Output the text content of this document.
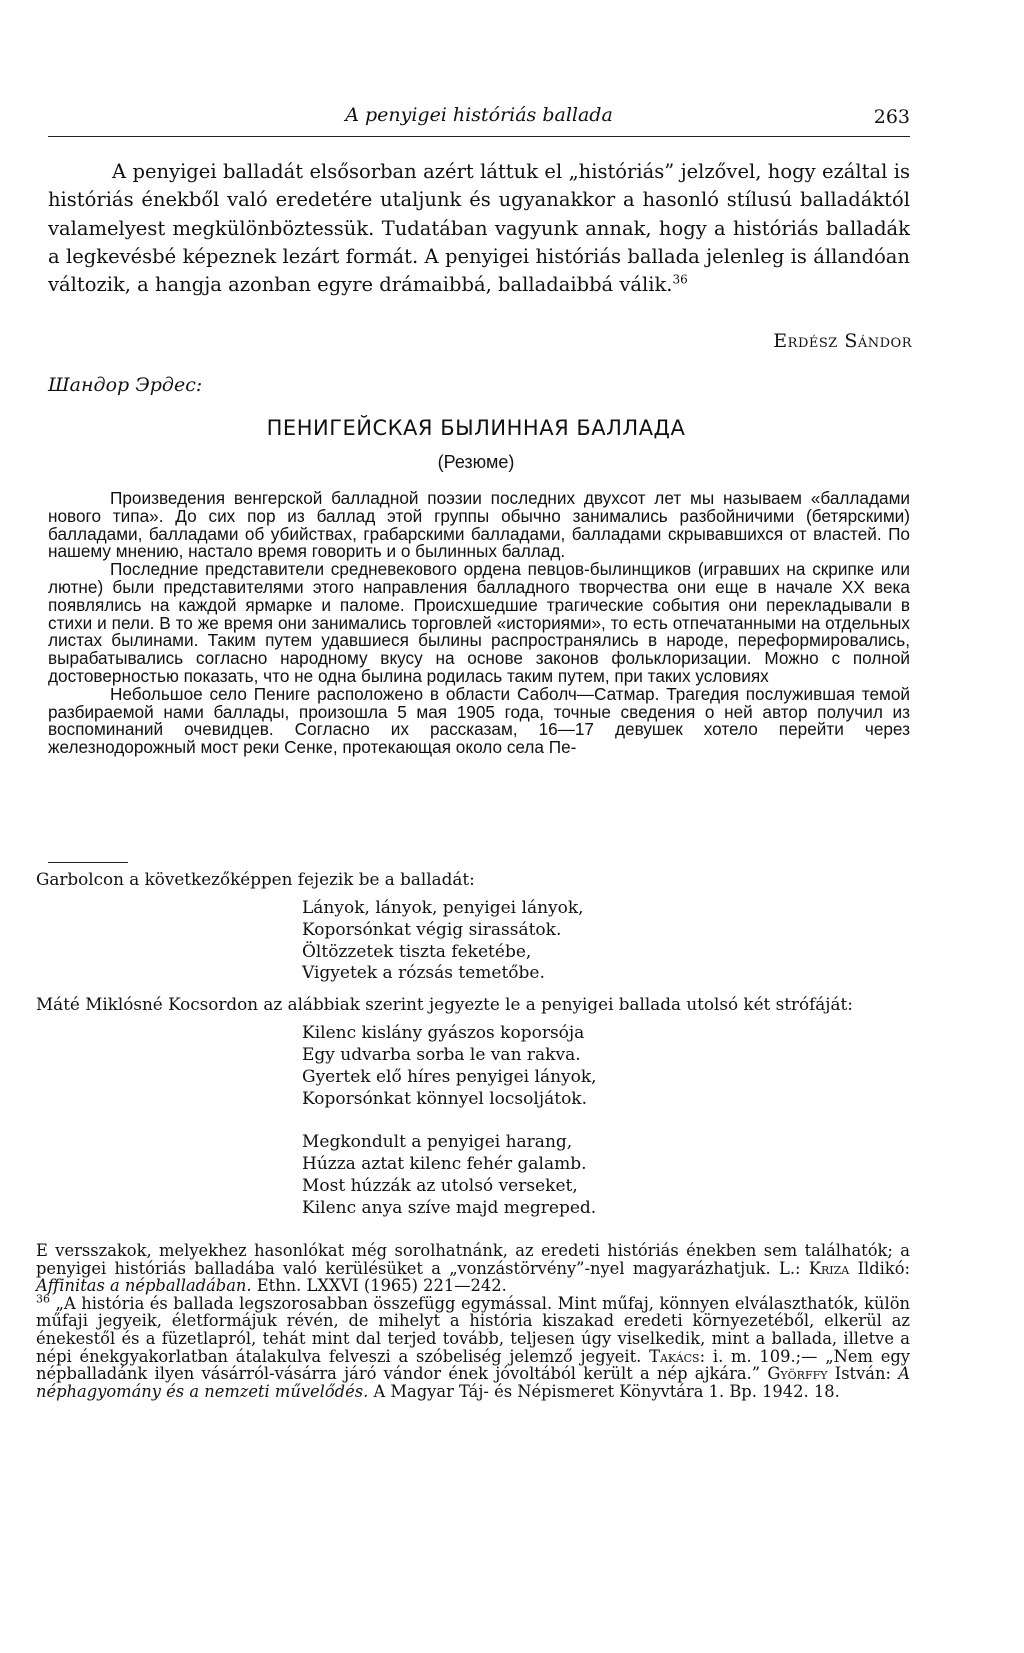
A penyigei históriás ballada	263

A penyigei balladát elsősorban azért láttuk el „históriás” jelzővel, hogy ezáltal is históriás énekből való eredetére utaljunk és ugyanakkor a hasonló stílusú balladáktól valamelyest megkülönböztessük. Tudatában vagyunk annak, hogy a históriás balladák a legkevésbé képeznek lezárt formát. A penyigei históriás ballada jelenleg is állandóan változik, a hangja azonban egyre drámaibbá, balladaibbá válik.$^{36}$

Erdész Sándor
Шандор Эрдес:
ПЕНИГЕЙСКАЯ БЫЛИННАЯ БАЛЛАДА
(Резюме)

Произведения венгерской балладной поэзии последних двухсот лет мы называем «балладами нового типа». До сих пор из баллад этой группы обычно занимались разбойничими (бетярскими) балладами, балладами об убийствах, грабарскими балладами, балладами скрывавшихся от властей. По нашему мнению, настало время говорить и о былинных баллад.

Последние представители средневекового ордена певцов-былинщиков (игравших на скрипке или лютне) были представителями этого направления балладного творчества они еще в начале XX века появлялись на каждой ярмарке и паломе. Происхшедшие трагические события они перекладывали в стихи и пели. В то же время они занимались торговлей «историями», то есть отпечатанными на отдельных листах былинами. Таким путем удавшиеся былины распространялись в народе, переформировались, вырабатывались согласно народному вкусу на основе законов фольклоризации. Можно с полной достоверностью показать, что не одна былина родилась таким путем, при таких условиях

Небольшое село Пениге расположено в области Саболч—Сатмар. Трагедия послужившая темой разбираемой нами баллады, произошла 5 мая 1905 года, точные сведения о ней автор получил из воспоминаний очевидцев. Согласно их рассказам, 16—17 девушек хотело перейти через железнодорожный мост реки Сенке, протекающая около села Пе-

Garbolcon a következőképpen fejezik be a balladát:

Lányok, lányok, penyigei lányok,

Koporsónkat végig sirassátok.

Öltözzetek tiszta feketébe,

Vigyetek a rózsás temetőbe.

Máté Miklósné Kocsordon az alábbiak szerint jegyezte le a penyigei ballada utolsó két strófáját:

Kilenc kislány gyászos koporsója

Egy udvarba sorba le van rakva.

Gyertek elő híres penyigei lányok,

Koporsónkat könnyel locsoljátok.

Megkondult a penyigei harang,

Húzza aztat kilenc fehér galamb.

Most húzzák az utolsó verseket,

Kilenc anya szíve majd megreped.

E versszakok, melyekhez hasonlókat még sorolhatnánk, az eredeti históriás énekben sem találhatók; a penyigei históriás balladába való kerülésüket a „vonzástörvény”-nyel magyarázhatjuk. L.: Kriza Ildikó: Affinitas a népballadában. Ethn. LXXVI (1965) 221—242.

$^{36}$ „A história és ballada legszorosabban összefügg egymással. Mint műfaj, könnyen elválaszthatók, külön műfaji jegyeik, életformájuk révén, de mihelyt a história kiszakad eredeti környezetéből, elkerül az énekestől és a füzetlapról, tehát mint dal terjed tovább, teljesen úgy viselkedik, mint a ballada, illetve a népi énekgyakorlatban átalakulva felveszi a szóbeliség jelemző jegyeit. Takács: i. m. 109.;— „Nem egy népballadánk ilyen vásárról-vásárra járó vándor ének jóvoltából került a nép ajkára.” Györffy István: A néphagyomány és a nemzeti művelődés. A Magyar Táj- és Népismeret Könyvtára 1. Bp. 1942. 18.
